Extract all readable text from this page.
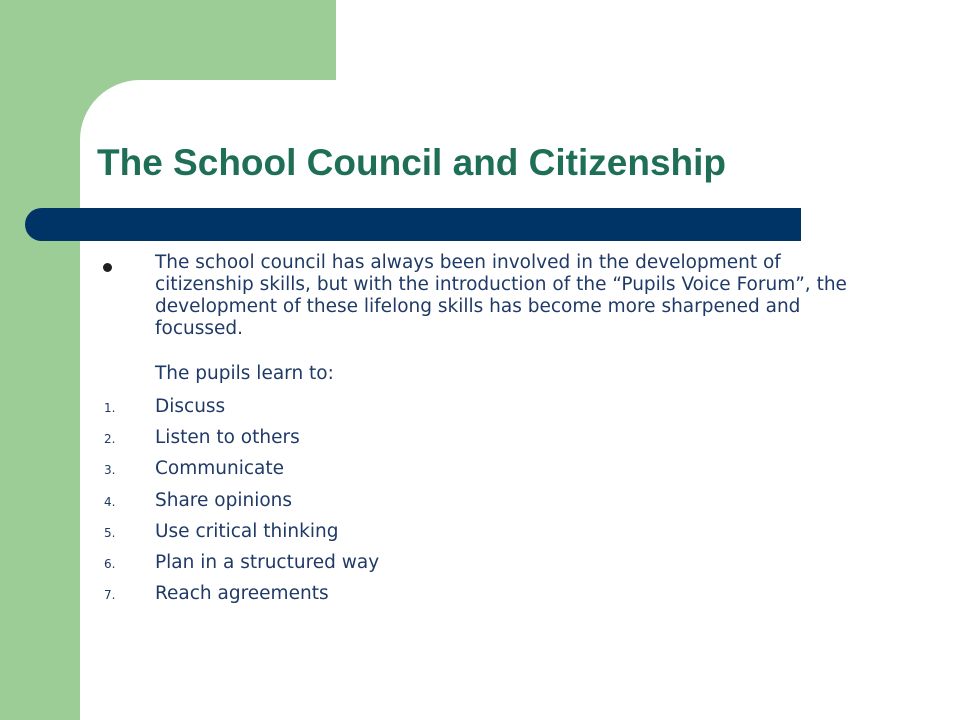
The School Council and Citizenship

The school council has always been involved in the development of citizenship skills, but with the introduction of the “Pupils Voice Forum”, the development of these lifelong skills has become more sharpened and focussed.

The pupils learn to:

1. Discuss
2. Listen to others
3. Communicate
4. Share opinions
5. Use critical thinking
6. Plan in a structured way
7. Reach agreements
